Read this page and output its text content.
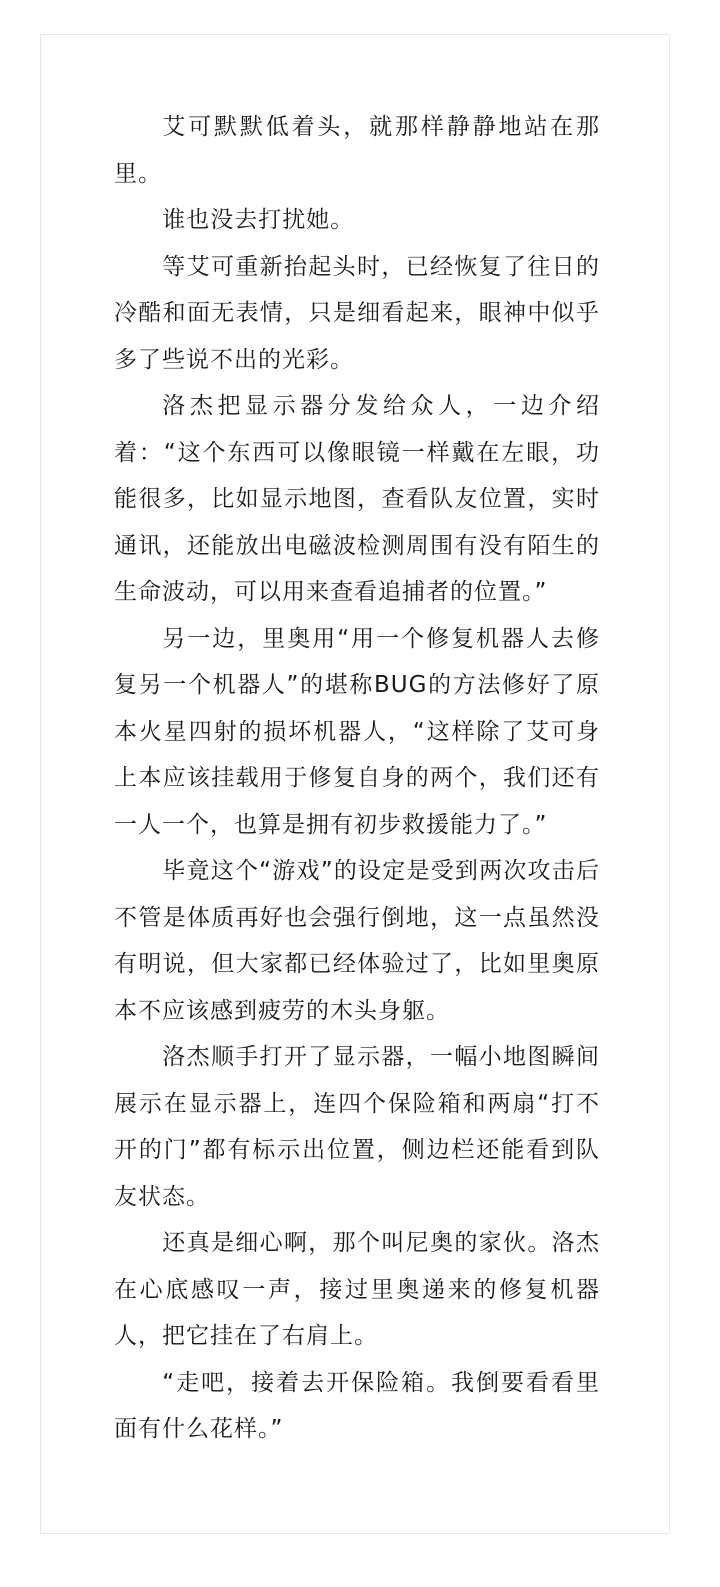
艾可默默低着头，就那样静静地站在那里。

谁也没去打扰她。

等艾可重新抬起头时，已经恢复了往日的冷酷和面无表情，只是细看起来，眼神中似乎多了些说不出的光彩。

洛杰把显示器分发给众人，一边介绍着：“这个东西可以像眼镜一样戴在左眼，功能很多，比如显示地图，查看队友位置，实时通讯，还能放出电磁波检测周围有没有陌生的生命波动，可以用来查看追捕者的位置。”

另一边，里奥用“用一个修复机器人去修复另一个机器人”的堪称BUG的方法修好了原本火星四射的损坏机器人，“这样除了艾可身上本应该挂载用于修复自身的两个，我们还有一人一个，也算是拥有初步救援能力了。”

毕竟这个“游戏”的设定是受到两次攻击后不管是体质再好也会强行倒地，这一点虽然没有明说，但大家都已经体验过了，比如里奥原本不应该感到疲劳的木头身躯。

洛杰顺手打开了显示器，一幅小地图瞬间展示在显示器上，连四个保险箱和两扇“打不开的门”都有标示出位置，侧边栏还能看到队友状态。

还真是细心啊，那个叫尼奥的家伙。洛杰在心底感叹一声，接过里奥递来的修复机器人，把它挂在了右肩上。

“走吧，接着去开保险箱。我倒要看看里面有什么花样。”
